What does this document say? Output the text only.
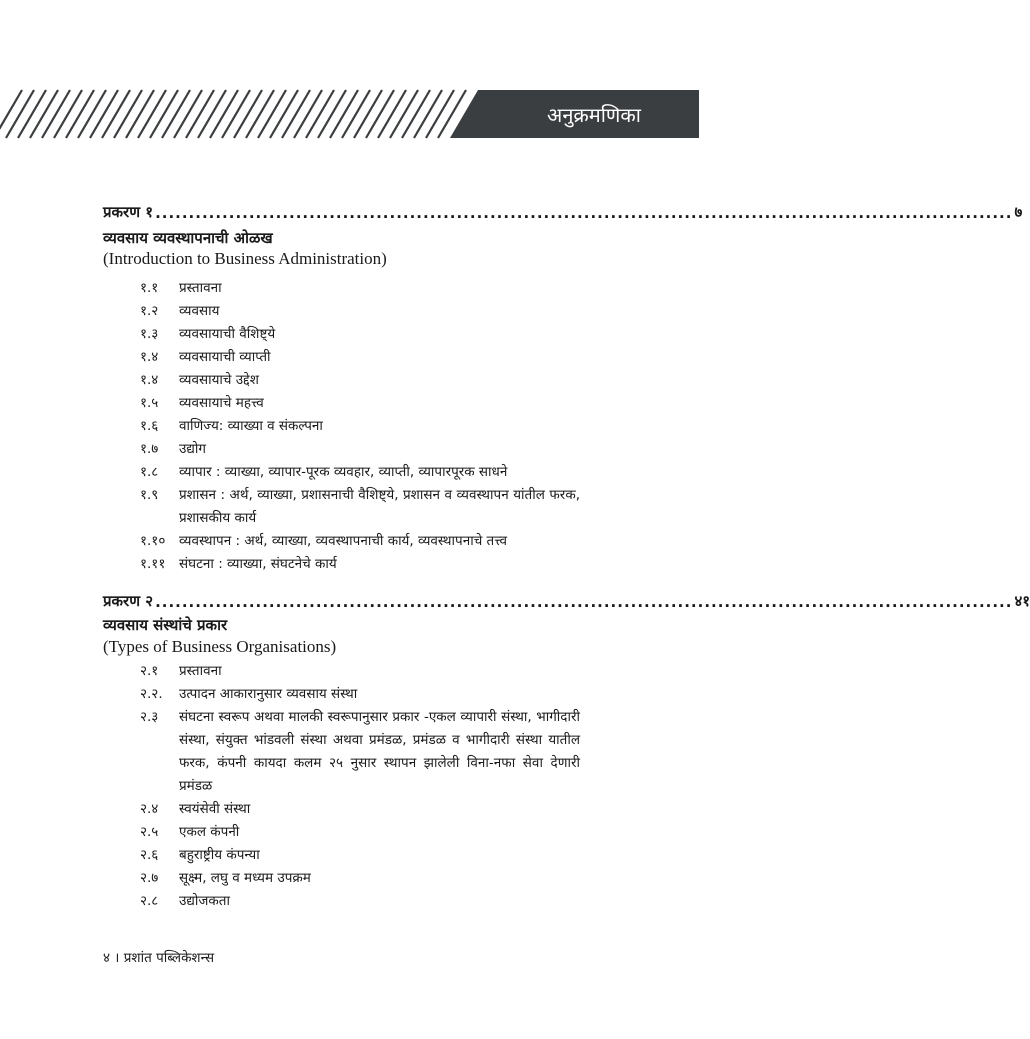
अनुक्रमणिका
प्रकरण १ ................................................................................................................................ ७
व्यवसाय व्यवस्थापनाची ओळख
(Introduction to Business Administration)
१.१ प्रस्तावना
१.२ व्यवसाय
१.३ व्यवसायाची वैशिष्ट्ये
१.४ व्यवसायाची व्याप्ती
१.४ व्यवसायाचे उद्देश
१.५ व्यवसायाचे महत्त्व
१.६ वाणिज्य: व्याख्या व संकल्पना
१.७ उद्योग
१.८ व्यापार : व्याख्या, व्यापार-पूरक व्यवहार, व्याप्ती, व्यापारपूरक साधने
१.९ प्रशासन : अर्थ, व्याख्या, प्रशासनाची वैशिष्ट्ये, प्रशासन व व्यवस्थापन यांतील फरक, प्रशासकीय कार्य
१.१० व्यवस्थापन : अर्थ, व्याख्या, व्यवस्थापनाची कार्य, व्यवस्थापनाचे तत्त्व
१.११ संघटना : व्याख्या, संघटनेचे कार्य
प्रकरण २ ................................................................................................................................ ४१
व्यवसाय संस्थांचे प्रकार
(Types of Business Organisations)
२.१ प्रस्तावना
२.२. उत्पादन आकारानुसार व्यवसाय संस्था
२.३ संघटना स्वरूप अथवा मालकी स्वरूपानुसार प्रकार -एकल व्यापारी संस्था, भागीदारी संस्था, संयुक्त भांडवली संस्था अथवा प्रमंडळ, प्रमंडळ व भागीदारी संस्था यातील फरक, कंपनी कायदा कलम २५ नुसार स्थापन झालेली विना-नफा सेवा देणारी प्रमंडळ
२.४ स्वयंसेवी संस्था
२.५ एकल कंपनी
२.६ बहुराष्ट्रीय कंपन्या
२.७ सूक्ष्म, लघु व मध्यम उपक्रम
२.८ उद्योजकता
४ । प्रशांत पब्लिकेशन्स
